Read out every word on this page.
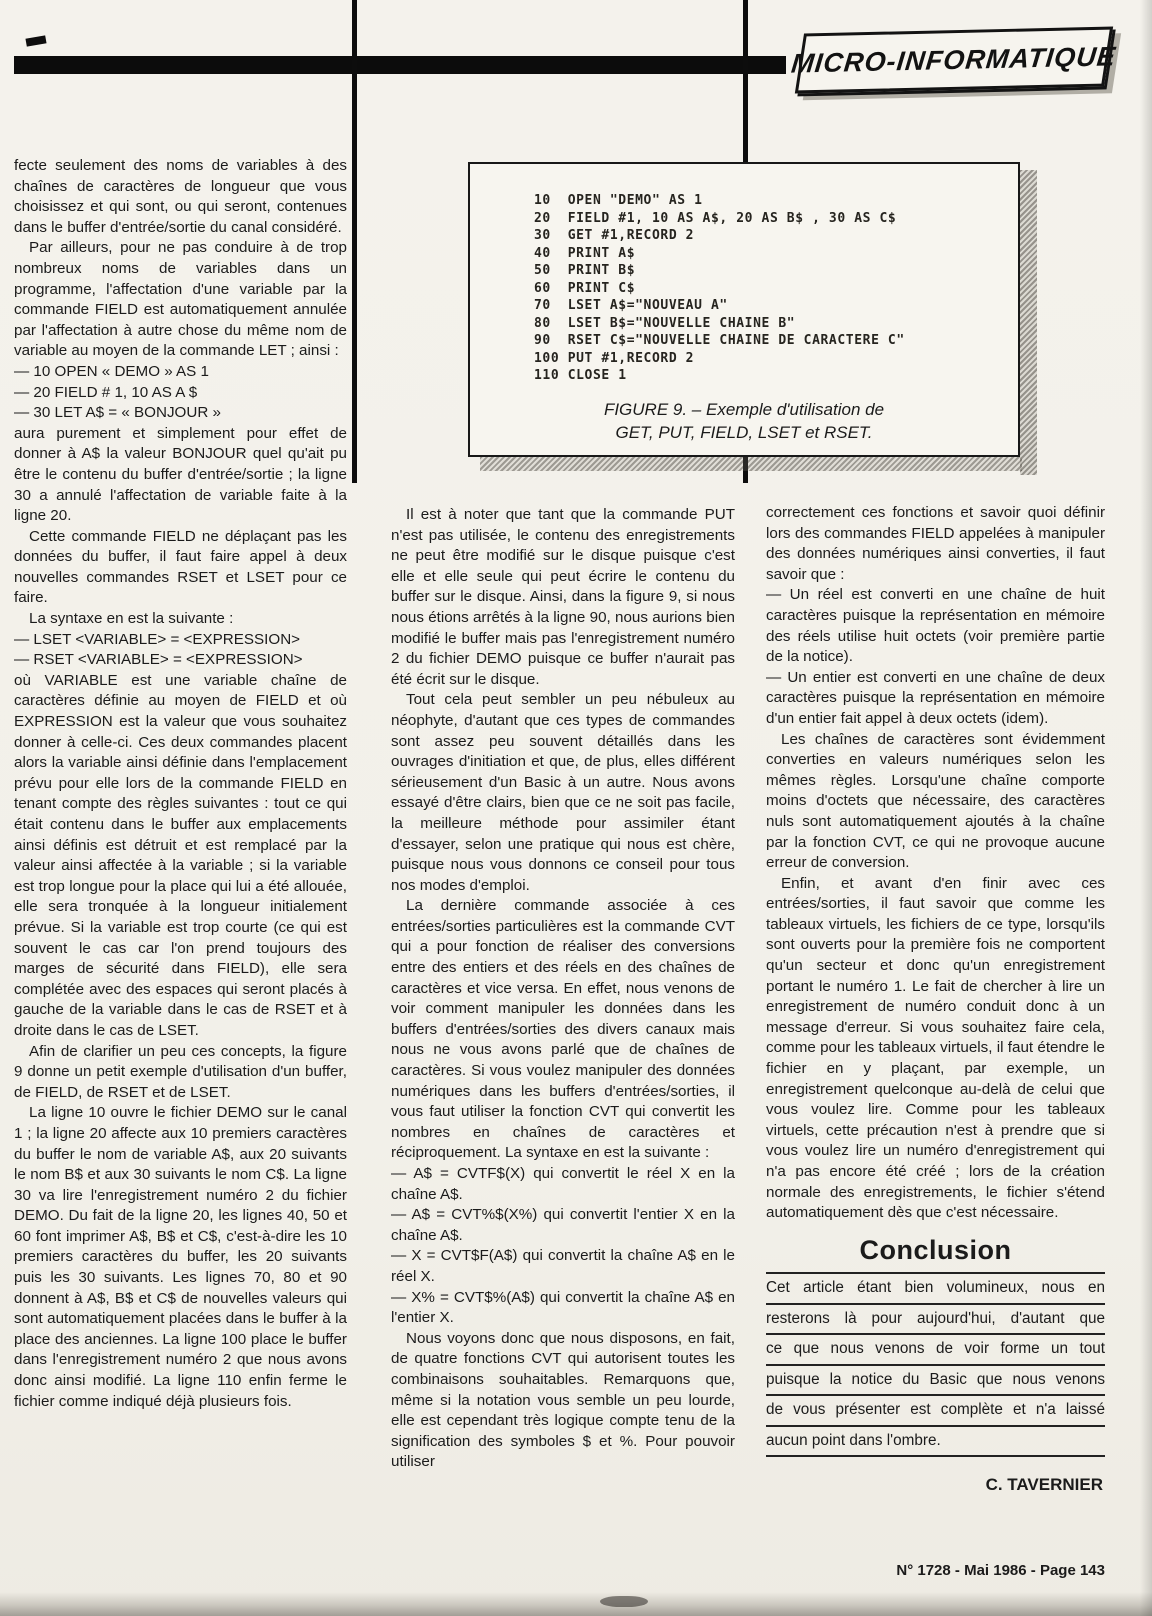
MICRO-INFORMATIQUE
10  OPEN "DEMO" AS 1
20  FIELD #1, 10 AS A$, 20 AS B$ , 30 AS C$
30  GET #1,RECORD 2
40  PRINT A$
50  PRINT B$
60  PRINT C$
70  LSET A$="NOUVEAU A"
80  LSET B$="NOUVELLE CHAINE B"
90  RSET C$="NOUVELLE CHAINE DE CARACTERE C"
100 PUT #1,RECORD 2
110 CLOSE 1
FIGURE 9. – Exemple d'utilisation de
GET, PUT, FIELD, LSET et RSET.

fecte seulement des noms de variables à des chaînes de caractères de longueur que vous choisissez et qui sont, ou qui seront, contenues dans le buffer d'entrée/sortie du canal considéré.

Par ailleurs, pour ne pas conduire à de trop nombreux noms de variables dans un programme, l'affectation d'une variable par la commande FIELD est automatiquement annulée par l'affectation à autre chose du même nom de variable au moyen de la commande LET ; ainsi :

— 10 OPEN « DEMO » AS 1

— 20 FIELD # 1, 10 AS A $

— 30 LET A$ = « BONJOUR »

aura purement et simplement pour effet de donner à A$ la valeur BONJOUR quel qu'ait pu être le contenu du buffer d'entrée/sortie ; la ligne 30 a annulé l'affectation de variable faite à la ligne 20.

Cette commande FIELD ne déplaçant pas les données du buffer, il faut faire appel à deux nouvelles commandes RSET et LSET pour ce faire.

La syntaxe en est la suivante :

— LSET <VARIABLE> = <EXPRESSION>

— RSET <VARIABLE> = <EXPRESSION>

où VARIABLE est une variable chaîne de caractères définie au moyen de FIELD et où EXPRESSION est la valeur que vous souhaitez donner à celle-ci. Ces deux commandes placent alors la variable ainsi définie dans l'emplacement prévu pour elle lors de la commande FIELD en tenant compte des règles suivantes : tout ce qui était contenu dans le buffer aux emplacements ainsi définis est détruit et est remplacé par la valeur ainsi affectée à la variable ; si la variable est trop longue pour la place qui lui a été allouée, elle sera tronquée à la longueur initialement prévue. Si la variable est trop courte (ce qui est souvent le cas car l'on prend toujours des marges de sécurité dans FIELD), elle sera complétée avec des espaces qui seront placés à gauche de la variable dans le cas de RSET et à droite dans le cas de LSET.

Afin de clarifier un peu ces concepts, la figure 9 donne un petit exemple d'utilisation d'un buffer, de FIELD, de RSET et de LSET.

La ligne 10 ouvre le fichier DEMO sur le canal 1 ; la ligne 20 affecte aux 10 premiers caractères du buffer le nom de variable A$, aux 20 suivants le nom B$ et aux 30 suivants le nom C$. La ligne 30 va lire l'enregistrement numéro 2 du fichier DEMO. Du fait de la ligne 20, les lignes 40, 50 et 60 font imprimer A$, B$ et C$, c'est-à-dire les 10 premiers caractères du buffer, les 20 suivants puis les 30 suivants. Les lignes 70, 80 et 90 donnent à A$, B$ et C$ de nouvelles valeurs qui sont automatiquement placées dans le buffer à la place des anciennes. La ligne 100 place le buffer dans l'enregistrement numéro 2 que nous avons donc ainsi modifié. La ligne 110 enfin ferme le fichier comme indiqué déjà plusieurs fois.

Il est à noter que tant que la commande PUT n'est pas utilisée, le contenu des enregistrements ne peut être modifié sur le disque puisque c'est elle et elle seule qui peut écrire le contenu du buffer sur le disque. Ainsi, dans la figure 9, si nous nous étions arrêtés à la ligne 90, nous aurions bien modifié le buffer mais pas l'enregistrement numéro 2 du fichier DEMO puisque ce buffer n'aurait pas été écrit sur le disque.

Tout cela peut sembler un peu nébuleux au néophyte, d'autant que ces types de commandes sont assez peu souvent détaillés dans les ouvrages d'initiation et que, de plus, elles différent sérieusement d'un Basic à un autre. Nous avons essayé d'être clairs, bien que ce ne soit pas facile, la meilleure méthode pour assimiler étant d'essayer, selon une pratique qui nous est chère, puisque nous vous donnons ce conseil pour tous nos modes d'emploi.

La dernière commande associée à ces entrées/sorties particulières est la commande CVT qui a pour fonction de réaliser des conversions entre des entiers et des réels en des chaînes de caractères et vice versa. En effet, nous venons de voir comment manipuler les données dans les buffers d'entrées/sorties des divers canaux mais nous ne vous avons parlé que de chaînes de caractères. Si vous voulez manipuler des données numériques dans les buffers d'entrées/sorties, il vous faut utiliser la fonction CVT qui convertit les nombres en chaînes de caractères et réciproquement. La syntaxe en est la suivante :

— A$ = CVTF$(X) qui convertit le réel X en la chaîne A$.

— A$ = CVT%$(X%) qui convertit l'entier X en la chaîne A$.

— X = CVT$F(A$) qui convertit la chaîne A$ en le réel X.

— X% = CVT$%(A$) qui convertit la chaîne A$ en l'entier X.

Nous voyons donc que nous disposons, en fait, de quatre fonctions CVT qui autorisent toutes les combinaisons souhaitables. Remarquons que, même si la notation vous semble un peu lourde, elle est cependant très logique compte tenu de la signification des symboles $ et %. Pour pouvoir utiliser

correctement ces fonctions et savoir quoi définir lors des commandes FIELD appelées à manipuler des données numériques ainsi converties, il faut savoir que :

— Un réel est converti en une chaîne de huit caractères puisque la représentation en mémoire des réels utilise huit octets (voir première partie de la notice).

— Un entier est converti en une chaîne de deux caractères puisque la représentation en mémoire d'un entier fait appel à deux octets (idem).

Les chaînes de caractères sont évidemment converties en valeurs numériques selon les mêmes règles. Lorsqu'une chaîne comporte moins d'octets que nécessaire, des caractères nuls sont automatiquement ajoutés à la chaîne par la fonction CVT, ce qui ne provoque aucune erreur de conversion.

Enfin, et avant d'en finir avec ces entrées/sorties, il faut savoir que comme les tableaux virtuels, les fichiers de ce type, lorsqu'ils sont ouverts pour la première fois ne comportent qu'un secteur et donc qu'un enregistrement portant le numéro 1. Le fait de chercher à lire un enregistrement de numéro conduit donc à un message d'erreur. Si vous souhaitez faire cela, comme pour les tableaux virtuels, il faut étendre le fichier en y plaçant, par exemple, un enregistrement quelconque au-delà de celui que vous voulez lire. Comme pour les tableaux virtuels, cette précaution n'est à prendre que si vous voulez lire un numéro d'enregistrement qui n'a pas encore été créé ; lors de la création normale des enregistrements, le fichier s'étend automatiquement dès que c'est nécessaire.

Conclusion
Cet article étant bien volumineux, nous en
resterons là pour aujourd'hui, d'autant que
ce que nous venons de voir forme un tout
puisque la notice du Basic que nous venons
de vous présenter est complète et n'a laissé
aucun point dans l'ombre.
C. TAVERNIER
N° 1728 - Mai 1986 - Page 143
